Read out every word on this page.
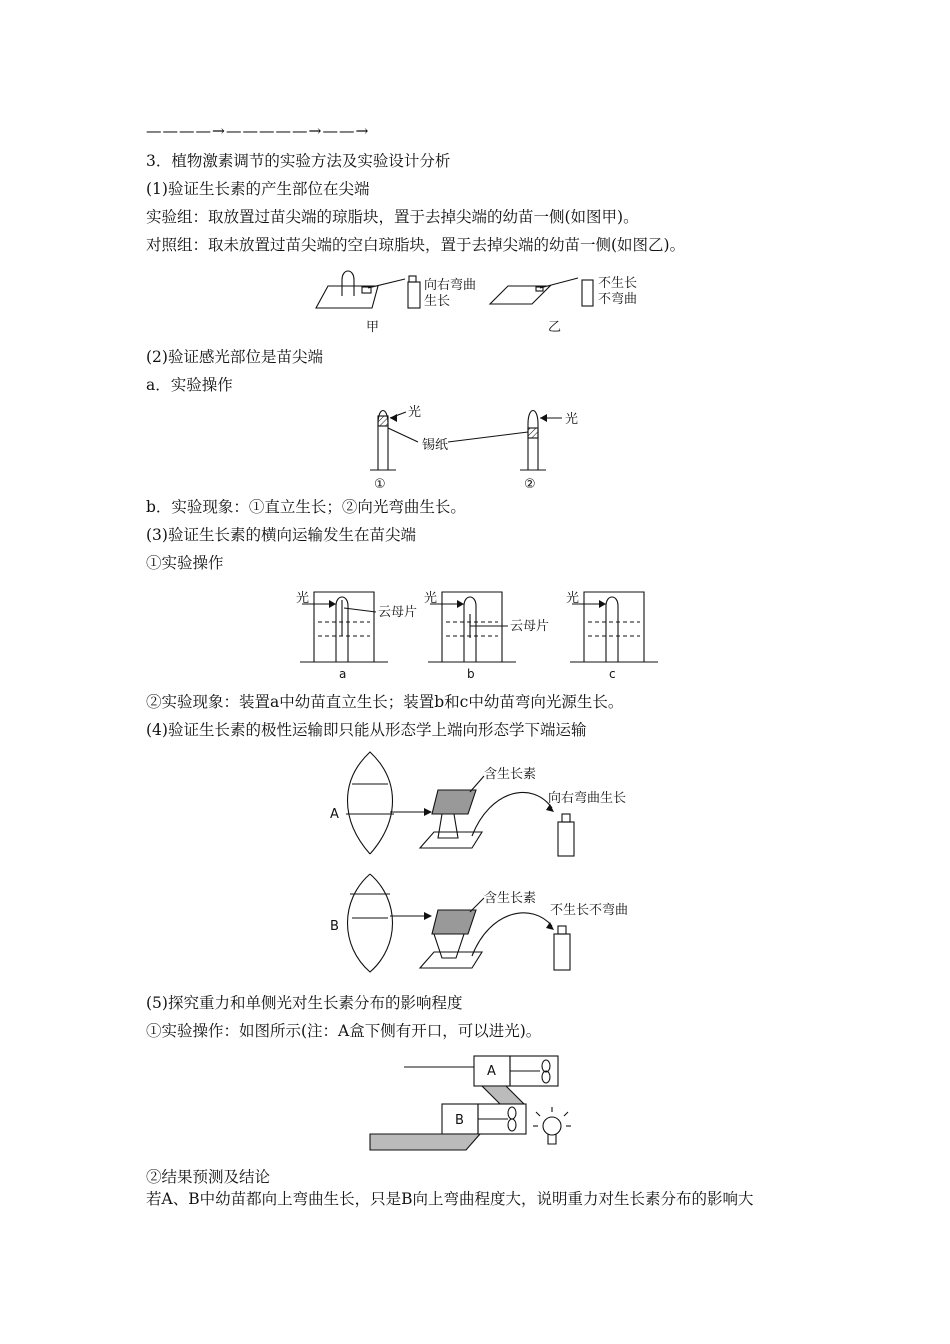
————→—————→——→
3．植物激素调节的实验方法及实验设计分析
(1)验证生长素的产生部位在尖端
实验组：取放置过苗尖端的琼脂块，置于去掉尖端的幼苗一侧(如图甲)。
对照组：取未放置过苗尖端的空白琼脂块，置于去掉尖端的幼苗一侧(如图乙)。
向右弯曲
生长
不生长
不弯曲
甲	乙
(2)验证感光部位是苗尖端
a．实验操作
光	光
锡纸
①	②
b．实验现象：①直立生长；②向光弯曲生长。
(3)验证生长素的横向运输发生在苗尖端
①实验操作
光	光	光
云母片
云母片
a	b	c
②实验现象：装置a中幼苗直立生长；装置b和c中幼苗弯向光源生长。
(4)验证生长素的极性运输即只能从形态学上端向形态学下端运输
A
B
含生长素
向右弯曲生长
含生长素
不生长不弯曲
(5)探究重力和单侧光对生长素分布的影响程度
①实验操作：如图所示(注：A盒下侧有开口，可以进光)。
A
B
②结果预测及结论
若A、B中幼苗都向上弯曲生长，只是B向上弯曲程度大，说明重力对生长素分布的影响大
